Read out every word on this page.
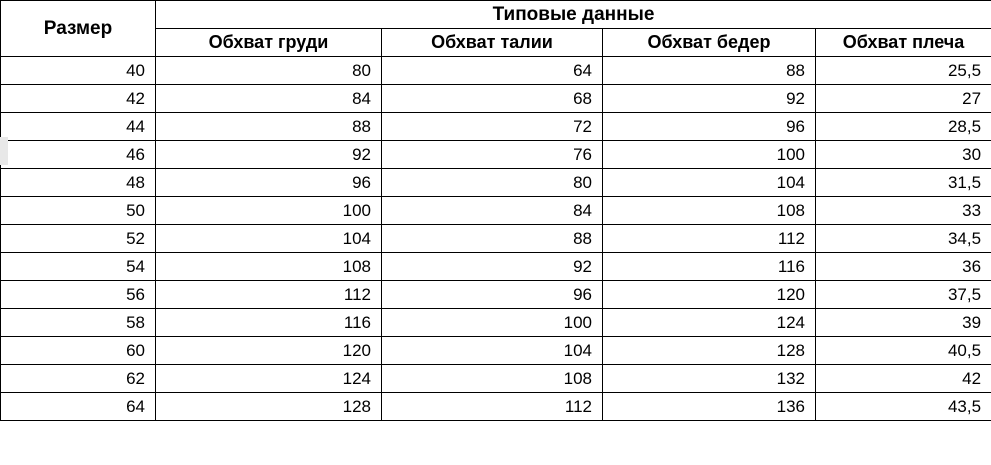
Размер	Типовые данные			
	Обхват груди	Обхват талии	Обхват бедер	Обхват плеча
40	80	64	88	25,5
42	84	68	92	27
44	88	72	96	28,5
46	92	76	100	30
48	96	80	104	31,5
50	100	84	108	33
52	104	88	112	34,5
54	108	92	116	36
56	112	96	120	37,5
58	116	100	124	39
60	120	104	128	40,5
62	124	108	132	42
64	128	112	136	43,5
